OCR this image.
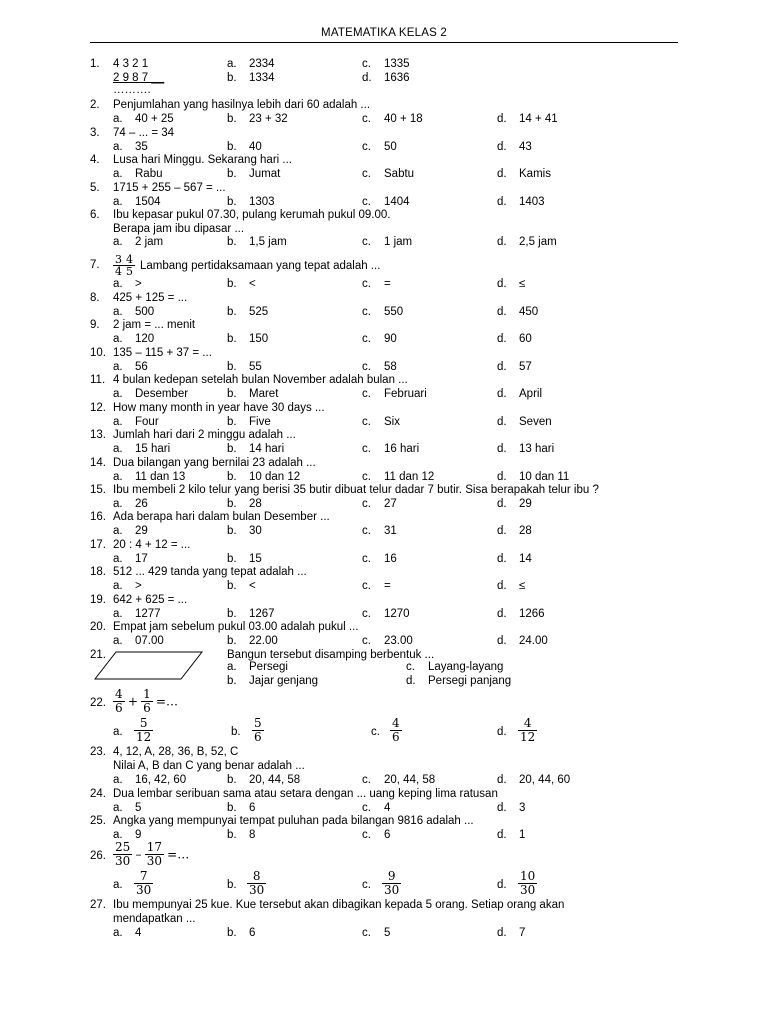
MATEMATIKA KELAS 2
1. 4 3 2 1	a. 2334	c. 1335
2 9 8 7 __	b. 1334	d. 1636
……….
2. Penjumlahan yang hasilnya lebih dari 60 adalah ...
a. 40 + 25	b. 23 + 32	c. 40 + 18	d. 14 + 41
3. 74 – ... = 34
a. 35	b. 40	c. 50	d. 43
4. Lusa hari Minggu. Sekarang hari ...
a. Rabu	b. Jumat	c. Sabtu	d. Kamis
5. 1715 + 255 – 567 = ...
a. 1504	b. 1303	c. 1404	d. 1403
6. Ibu kepasar pukul 07.30, pulang kerumah pukul 09.00.
Berapa jam ibu dipasar ...
a. 2 jam	b. 1,5 jam	c. 1 jam	d. 2,5 jam
7. $\frac{3}{4} \frac{4}{5}$ Lambang pertidaksamaan yang tepat adalah ...
a. >	b. <	c. =	d. ≤
8. 425 + 125 = ...
a. 500	b. 525	c. 550	d. 450
9. 2 jam = ... menit
a. 120	b. 150	c. 90	d. 60
10. 135 – 115 + 37 = ...
a. 56	b. 55	c. 58	d. 57
11. 4 bulan kedepan setelah bulan November adalah bulan ...
a. Desember	b. Maret	c. Februari	d. April
12. How many month in year have 30 days ...
a. Four	b. Five	c. Six	d. Seven
13. Jumlah hari dari 2 minggu adalah ...
a. 15 hari	b. 14 hari	c. 16 hari	d. 13 hari
14. Dua bilangan yang bernilai 23 adalah ...
a. 11 dan 13	b. 10 dan 12	c. 11 dan 12	d. 10 dan 11
15. Ibu membeli 2 kilo telur yang berisi 35 butir dibuat telur dadar 7 butir. Sisa berapakah telur ibu ?
a. 26	b. 28	c. 27	d. 29
16. Ada berapa hari dalam bulan Desember ...
a. 29	b. 30	c. 31	d. 28
17. 20 : 4 + 12 = ...
a. 17	b. 15	c. 16	d. 14
18. 512 ... 429 tanda yang tepat adalah ...
a. >	b. <	c. =	d. ≤
19. 642 + 625 = ...
a. 1277	b. 1267	c. 1270	d. 1266
20. Empat jam sebelum pukul 03.00 adalah pukul ...
a. 07.00	b. 22.00	c. 23.00	d. 24.00
21.	Bangun tersebut disamping berbentuk ...
a. Persegi	c. Layang-layang
b. Jajar genjang	d. Persegi panjang
22. $\frac{4}{6} + \frac{1}{6}$ =…
a. $\frac{5}{12}$	b. $\frac{5}{6}$	c. $\frac{4}{6}$	d. $\frac{4}{12}$
23. 4, 12, A, 28, 36, B, 52, C
Nilai A, B dan C yang benar adalah ...
a. 16, 42, 60	b. 20, 44, 58	c. 20, 44, 58	d. 20, 44, 60
24. Dua lembar seribuan sama atau setara dengan ... uang keping lima ratusan
a. 5	b. 6	c. 4	d. 3
25. Angka yang mempunyai tempat puluhan pada bilangan 9816 adalah ...
a. 9	b. 8	c. 6	d. 1
26. $\frac{25}{30} - \frac{17}{30}$ =…
a. $\frac{7}{30}$	b. $\frac{8}{30}$	c. $\frac{9}{30}$	d. $\frac{10}{30}$
27. Ibu mempunyai 25 kue. Kue tersebut akan dibagikan kepada 5 orang. Setiap orang akan
mendapatkan ...
a. 4	b. 6	c. 5	d. 7
